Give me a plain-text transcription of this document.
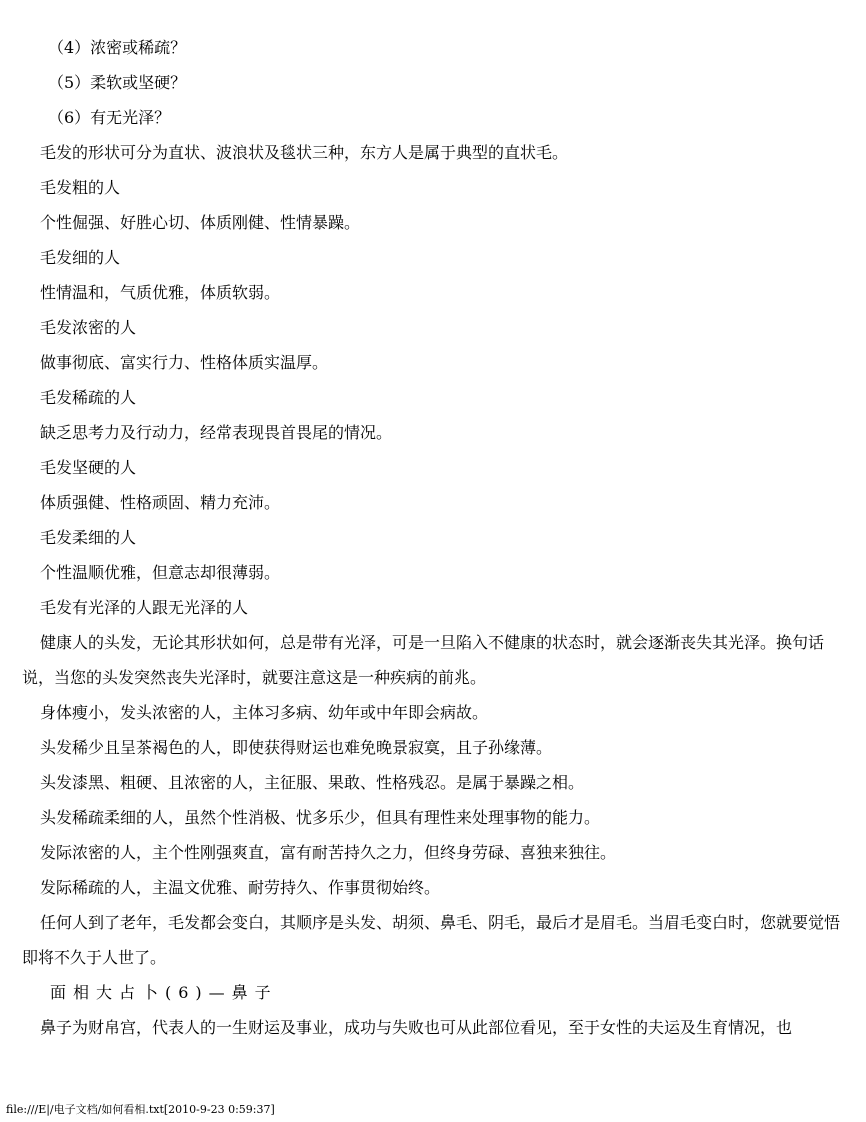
（4）浓密或稀疏？
（5）柔软或坚硬？
（6）有无光泽？
毛发的形状可分为直状、波浪状及毯状三种，东方人是属于典型的直状毛。
毛发粗的人
个性倔强、好胜心切、体质刚健、性情暴躁。
毛发细的人
性情温和，气质优雅，体质软弱。
毛发浓密的人
做事彻底、富实行力、性格体质实温厚。
毛发稀疏的人
缺乏思考力及行动力，经常表现畏首畏尾的情况。
毛发坚硬的人
体质强健、性格顽固、精力充沛。
毛发柔细的人
个性温顺优雅，但意志却很薄弱。
毛发有光泽的人跟无光泽的人
健康人的头发，无论其形状如何，总是带有光泽，可是一旦陷入不健康的状态时，就会逐渐丧失其光泽。换句话说，当您的头发突然丧失光泽时，就要注意这是一种疾病的前兆。
身体瘦小，发头浓密的人，主体习多病、幼年或中年即会病故。
头发稀少且呈茶褐色的人，即使获得财运也难免晚景寂寞，且子孙缘薄。
头发漆黑、粗硬、且浓密的人，主征服、果敢、性格残忍。是属于暴躁之相。
头发稀疏柔细的人，虽然个性消极、忧多乐少，但具有理性来处理事物的能力。
发际浓密的人，主个性刚强爽直，富有耐苦持久之力，但终身劳碌、喜独来独往。
发际稀疏的人，主温文优雅、耐劳持久、作事贯彻始终。
任何人到了老年，毛发都会变白，其顺序是头发、胡须、鼻毛、阴毛，最后才是眉毛。当眉毛变白时，您就要觉悟即将不久于人世了。
面相大占卜(6)—鼻子
鼻子为财帛宫，代表人的一生财运及事业，成功与失败也可从此部位看见，至于女性的夫运及生育情况，也
file:///E|/电子文档/如何看相.txt[2010-9-23 0:59:37]
